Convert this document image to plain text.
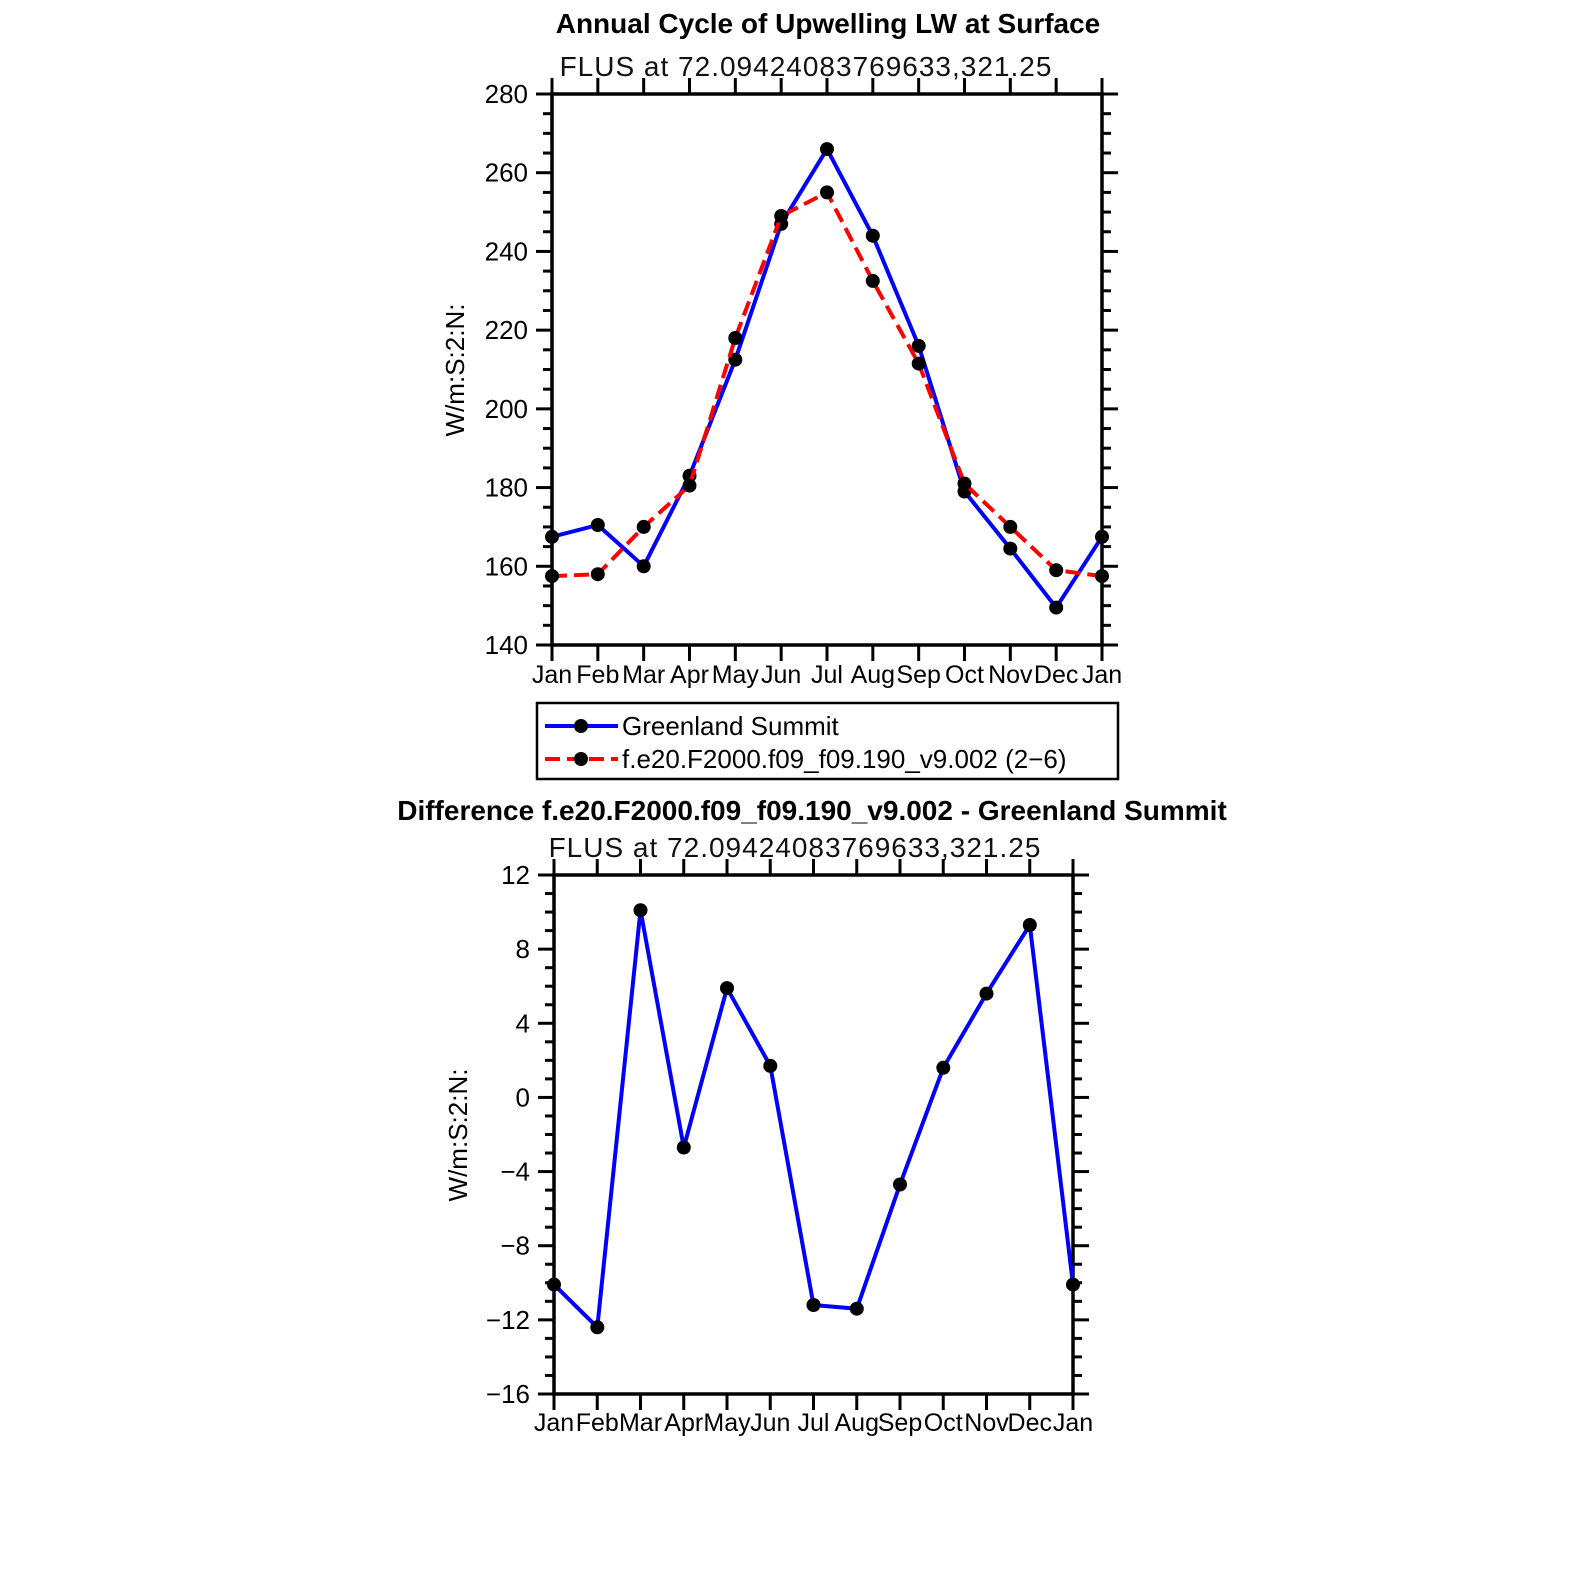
Annual Cycle of Upwelling LW at Surface
FLUS at 72.09424083769633,321.25
W/m:S:2:N:
140
160
180
200
220
240
260
280
Jan Feb Mar Apr May Jun Jul Aug Sep Oct Nov Dec Jan
Greenland Summit
f.e20.F2000.f09_f09.190_v9.002 (2−6)
Difference f.e20.F2000.f09_f09.190_v9.002 - Greenland Summit
FLUS at 72.09424083769633,321.25
W/m:S:2:N:
−16
−12
−8
−4
0
4
8
12
Jan Feb Mar Apr May Jun Jul Aug
Sep Oct Nov
Dec Jan
